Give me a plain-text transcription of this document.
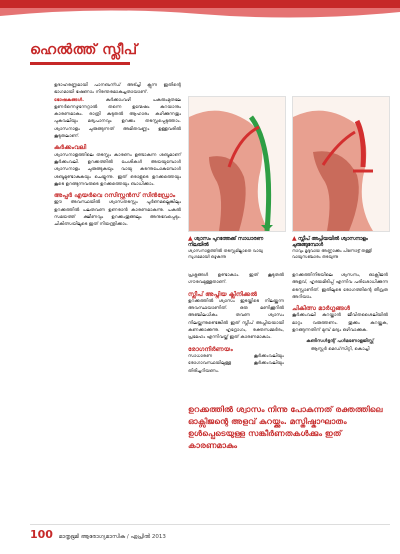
ഹെൽത്ത് സ്ലീപ്

ഉദാഹരണ്ണമായി പാനബന്ഡ് അട്ച്ചി ക്ലുന്ന ഇതിന്റെ ഭാഗമായി ഭഷണാം നിരന്തരമാകുച്ചതായാണ്.

ഭോഷകങ്ങൾ.	കുർക്കാംവഴി പകരുംമുതലേ ഉണർന്നെഴുന്നേറ്റാൽ തന്നെ ഉന്മേഷം കുറയാനും കാരണമാകും. രാത്രി കുടുതൽ ആഹാരം കഴിക്കുന്നതും പുകവലിയും മദ്യപാനവും ഉറക്കം തടസ്സപ്പെടുത്താം. ശ്വാസനാളം ചുരുങ്ങുന്നത് അമിതവണ്ണം ഉള്ളവരിൽ കൂടുതലാണ്.

കുർക്കംവലി

ശ്വാസനാളത്തിലെ തടസ്സം കാരണം ഉണ്ടാകുന്ന ശബ്ദമാണ് കൂർക്കംവലി. ഉറക്കത്തിൽ പേശികൾ അയയുമ്പോൾ ശ്വാസനാളം ചുരുങ്ങുകയും വായു കടന്നുപോകുമ്പോൾ ശബ്ദമുണ്ടാകുകയും ചെയ്യുന്നു. ഇത് ഒരാളുടെ ഉറക്കത്തെയും കൂടെ ഉറങ്ങുന്നവരുടെ ഉറക്കത്തെയും ബാധിക്കാം.

അപ്പർ എയർവെ റസിസ്റ്റൻസ് സിൻഡ്രോം

ഈ അവസ്ഥയിൽ ശ്വാസതടസ്സം പൂർണമല്ലെങ്കിലും ഉറക്കത്തിൽ പലതവണ ഉണരാൻ കാരണമാകുന്നു. പകൽ സമയത്ത് ക്ഷീണവും ഉറക്കംതൂങ്ങലും അനുഭവപ്പെടും. ചികിത്സയിലൂടെ ഇത് നിയന്ത്രിക്കാം.

▲ ശ്വാസം പുറത്തേക്ക് സാധാരണ നിലയിൽ
ശ്വാസനാളത്തിൽ തടസ്സമില്ലാതെ വായു സുഗമമായി ഒഴുകുന്നു
▲ സ്ലീപ് അപ്നിയയിൽ ശ്വാസനാളം ചുരുങ്ങുമ്പോൾ
നാവും മൃദുവായ അണ്ണാക്കും പിന്നോട്ട് തള്ളി വായുസഞ്ചാരം തടയുന്നു

പ്രശ്നങ്ങൾ ഉണ്ടാകാം. ഇത് കൂടുതൽ ഗൗരവമുള്ളതാണ്.

സ്ലീപ് അപ്നിയ ക്ലിനിക്കൽ

ഉറക്കത്തിൽ ശ്വാസം ഇടയ്ക്കിടെ നിലയ്ക്കുന്ന അവസ്ഥയാണിത്. ഒരു മണിക്കൂറിൽ അഞ്ചിലധികം തവണ ശ്വാസം നിലയ്ക്കുന്നുണ്ടെങ്കിൽ ഇത് സ്ലീപ് അപ്നിയയായി കണക്കാക്കുന്നു. ഹൃദ്രോഗം, രക്തസമ്മർദം, പ്രമേഹം എന്നിവയ്ക്ക് ഇത് കാരണമാകാം.

രോഗനിർണയം

സാധാരണ കൂർക്കംവലിയും രോഗാവസ്ഥയിലുള്ള കൂർക്കംവലിയും തിരിച്ചറിയണം.

ഉറക്കത്തിനിടയിലെ ശ്വസനം, ഓക്സിജൻ അളവ്, ഹൃദയമിടിപ്പ് എന്നിവ പരിശോധിക്കുന്ന ടെസ്റ്റാണിത്. ഇതിലൂടെ രോഗത്തിന്റെ തീവ്രത അറിയാം.

ചികിത്സ മാർഗ്ഗങ്ങൾ

കൂർക്കംവലി കുറയ്ക്കാൻ ജീവിതശൈലിയിൽ മാറ്റം വരുത്തണം. തൂക്കം കുറയ്ക്കുക, ഉറങ്ങുന്നതിന് മുമ്പ് മദ്യം ഒഴിവാക്കുക.

കൺസൾട്ടന്റ് പൾമണോളജിസ്റ്റ്
ആസ്റ്റർ മെഡ്‌സിറ്റി, കൊച്ചി
ഉറക്കത്തിൽ ശ്വാസം നിന്നു പോകുന്നത് രക്തത്തിലെ ഓക്സിജന്റെ അളവ് കുറയ്ക്കും. മസ്തിഷ്കാഘാതം ഉൾപ്പെടെയുള്ള സങ്കീർണതകൾക്കും ഇത് കാരണമാകും
100 മാതൃഭൂമി ആരോഗ്യമാസിക / ഏപ്രിൽ 2013
